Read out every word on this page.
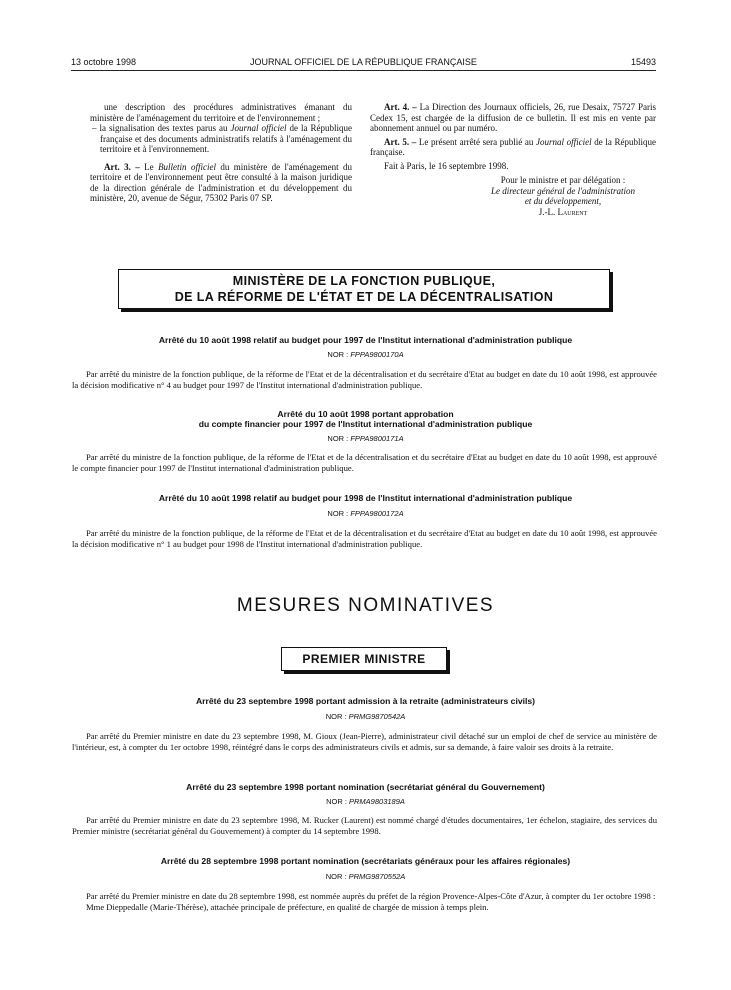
13 octobre 1998	JOURNAL OFFICIEL DE LA RÉPUBLIQUE FRANÇAISE	15493

une description des procédures administratives émanant du ministère de l'aménagement du territoire et de l'environnement ;

– la signalisation des textes parus au Journal officiel de la République française et des documents administratifs relatifs à l'aménagement du territoire et à l'environnement.

Art. 3. – Le Bulletin officiel du ministère de l'aménagement du territoire et de l'environnement peut être consulté à la maison juridique de la direction générale de l'administration et du développement du ministère, 20, avenue de Ségur, 75302 Paris 07 SP.

Art. 4. – La Direction des Journaux officiels, 26, rue Desaix, 75727 Paris Cedex 15, est chargée de la diffusion de ce bulletin. Il est mis en vente par abonnement annuel ou par numéro.

Art. 5. – Le présent arrêté sera publié au Journal officiel de la République française.

Fait à Paris, le 16 septembre 1998.

Pour le ministre et par délégation :
Le directeur général de l'administration
et du développement,
J.-L. Laurent
MINISTÈRE DE LA FONCTION PUBLIQUE,
DE LA RÉFORME DE L'ÉTAT ET DE LA DÉCENTRALISATION
Arrêté du 10 août 1998 relatif au budget pour 1997 de l'Institut international d'administration publique
NOR : FPPA9800170A

Par arrêté du ministre de la fonction publique, de la réforme de l'Etat et de la décentralisation et du secrétaire d'Etat au budget en date du 10 août 1998, est approuvée la décision modificative n° 4 au budget pour 1997 de l'Institut international d'administration publique.

Arrêté du 10 août 1998 portant approbation
du compte financier pour 1997 de l'Institut international d'administration publique
NOR : FPPA9800171A

Par arrêté du ministre de la fonction publique, de la réforme de l'Etat et de la décentralisation et du secrétaire d'Etat au budget en date du 10 août 1998, est approuvé le compte financier pour 1997 de l'Institut international d'administration publique.

Arrêté du 10 août 1998 relatif au budget pour 1998 de l'Institut international d'administration publique
NOR : FPPA9800172A

Par arrêté du ministre de la fonction publique, de la réforme de l'Etat et de la décentralisation et du secrétaire d'Etat au budget en date du 10 août 1998, est approuvée la décision modificative n° 1 au budget pour 1998 de l'Institut international d'administration publique.

MESURES NOMINATIVES
PREMIER MINISTRE
Arrêté du 23 septembre 1998 portant admission à la retraite (administrateurs civils)
NOR : PRMG9870542A

Par arrêté du Premier ministre en date du 23 septembre 1998, M. Gioux (Jean-Pierre), administrateur civil détaché sur un emploi de chef de service au ministère de l'intérieur, est, à compter du 1er octobre 1998, réintégré dans le corps des administrateurs civils et admis, sur sa demande, à faire valoir ses droits à la retraite.

Arrêté du 23 septembre 1998 portant nomination (secrétariat général du Gouvernement)
NOR : PRMA9803189A

Par arrêté du Premier ministre en date du 23 septembre 1998, M. Rucker (Laurent) est nommé chargé d'études documentaires, 1er échelon, stagiaire, des services du Premier ministre (secrétariat général du Gouvernement) à compter du 14 septembre 1998.

Arrêté du 28 septembre 1998 portant nomination (secrétariats généraux pour les affaires régionales)
NOR : PRMG9870552A

Par arrêté du Premier ministre en date du 28 septembre 1998, est nommée auprès du préfet de la région Provence-Alpes-Côte d'Azur, à compter du 1er octobre 1998 :

Mme Dieppedalle (Marie-Thérèse), attachée principale de préfecture, en qualité de chargée de mission à temps plein.
